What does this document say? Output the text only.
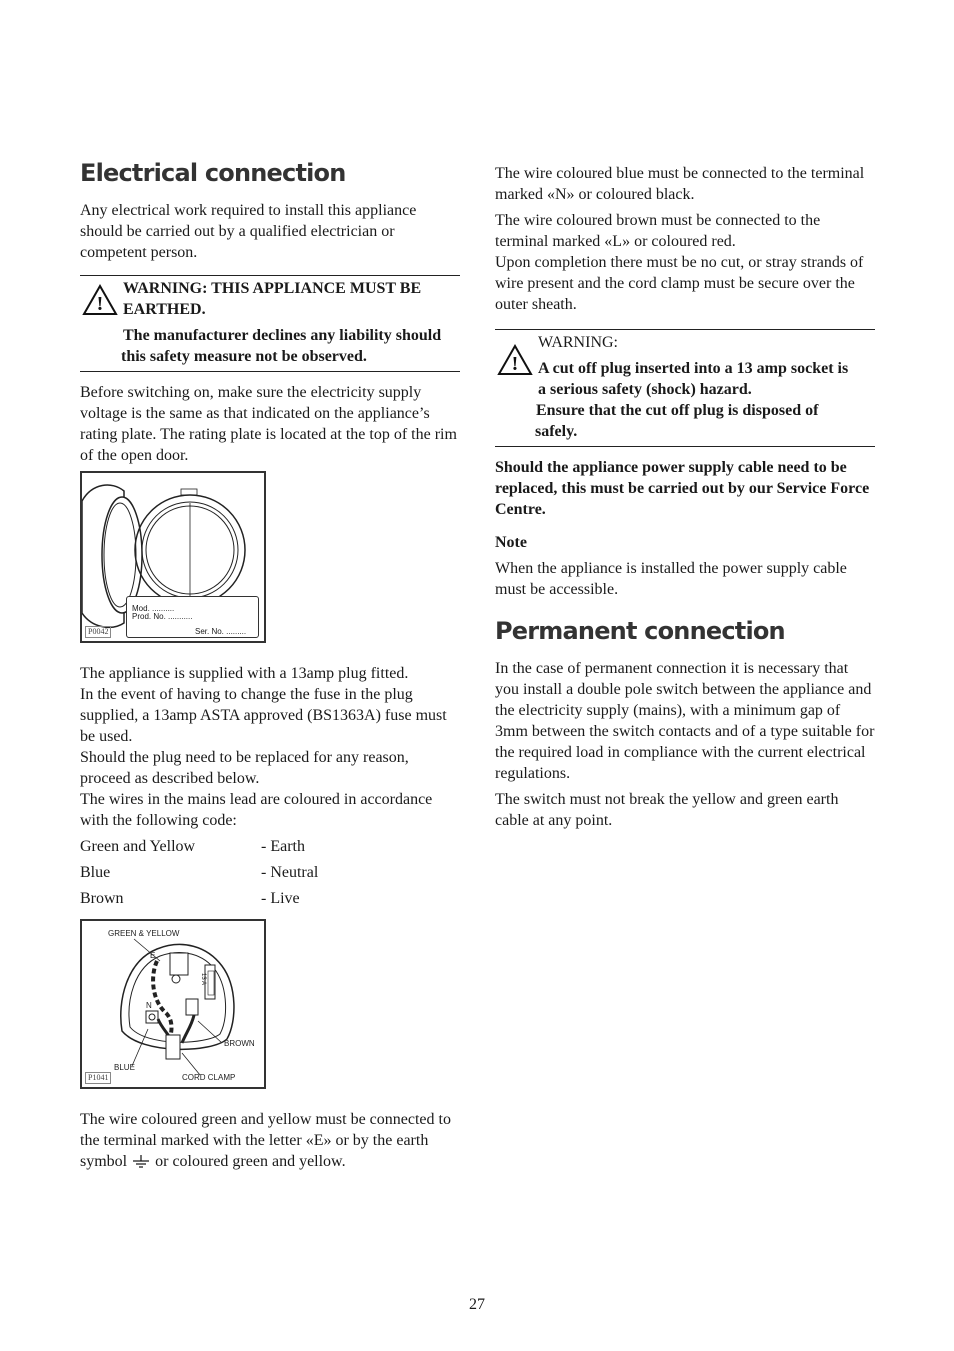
Electrical connection

Any electrical work required to install this appliance should be carried out by a qualified electrician or competent person.

!

WARNING: THIS APPLIANCE MUST BE

EARTHED.

The manufacturer declines any liability should

this safety measure not be observed.

Before switching on, make sure the electricity supply voltage is the same as that indicated on the appliance’s rating plate. The rating plate is located at the top of the rim of the open door.

Mod. ..........
Prod. No. ...........
Ser. No. .........
P0042

The appliance is supplied with a 13amp plug fitted.

In the event of having to change the fuse in the plug supplied, a 13amp ASTA approved (BS1363A) fuse must be used.

Should the plug need to be replaced for any reason, proceed as described below.

The wires in the mains lead are coloured in accordance with the following code:

Green and Yellow	- Earth
Blue	- Neutral
Brown	- Live
GREEN & YELLOW
E
N
13 A
BROWN
BLUE
CORD CLAMP
P1041

The wire coloured green and yellow must be connected to the terminal marked with the letter «E» or by the earth symbol or coloured green and yellow.

The wire coloured blue must be connected to the terminal marked «N» or coloured black.

The wire coloured brown must be connected to the terminal marked «L» or coloured red.

Upon completion there must be no cut, or stray strands of wire present and the cord clamp must be secure over the outer sheath.

!

WARNING:

A cut off plug inserted into a 13 amp socket is

a serious safety (shock) hazard.

Ensure that the cut off plug is disposed of

safely.

Should the appliance power supply cable need to be replaced, this must be carried out by our Service Force Centre.

Note

When the appliance is installed the power supply cable must be accessible.

Permanent connection

In the case of permanent connection it is necessary that you install a double pole switch between the appliance and the electricity supply (mains), with a minimum gap of 3mm between the switch contacts and of a type suitable for the required load in compliance with the current electrical regulations.

The switch must not break the yellow and green earth cable at any point.

27
